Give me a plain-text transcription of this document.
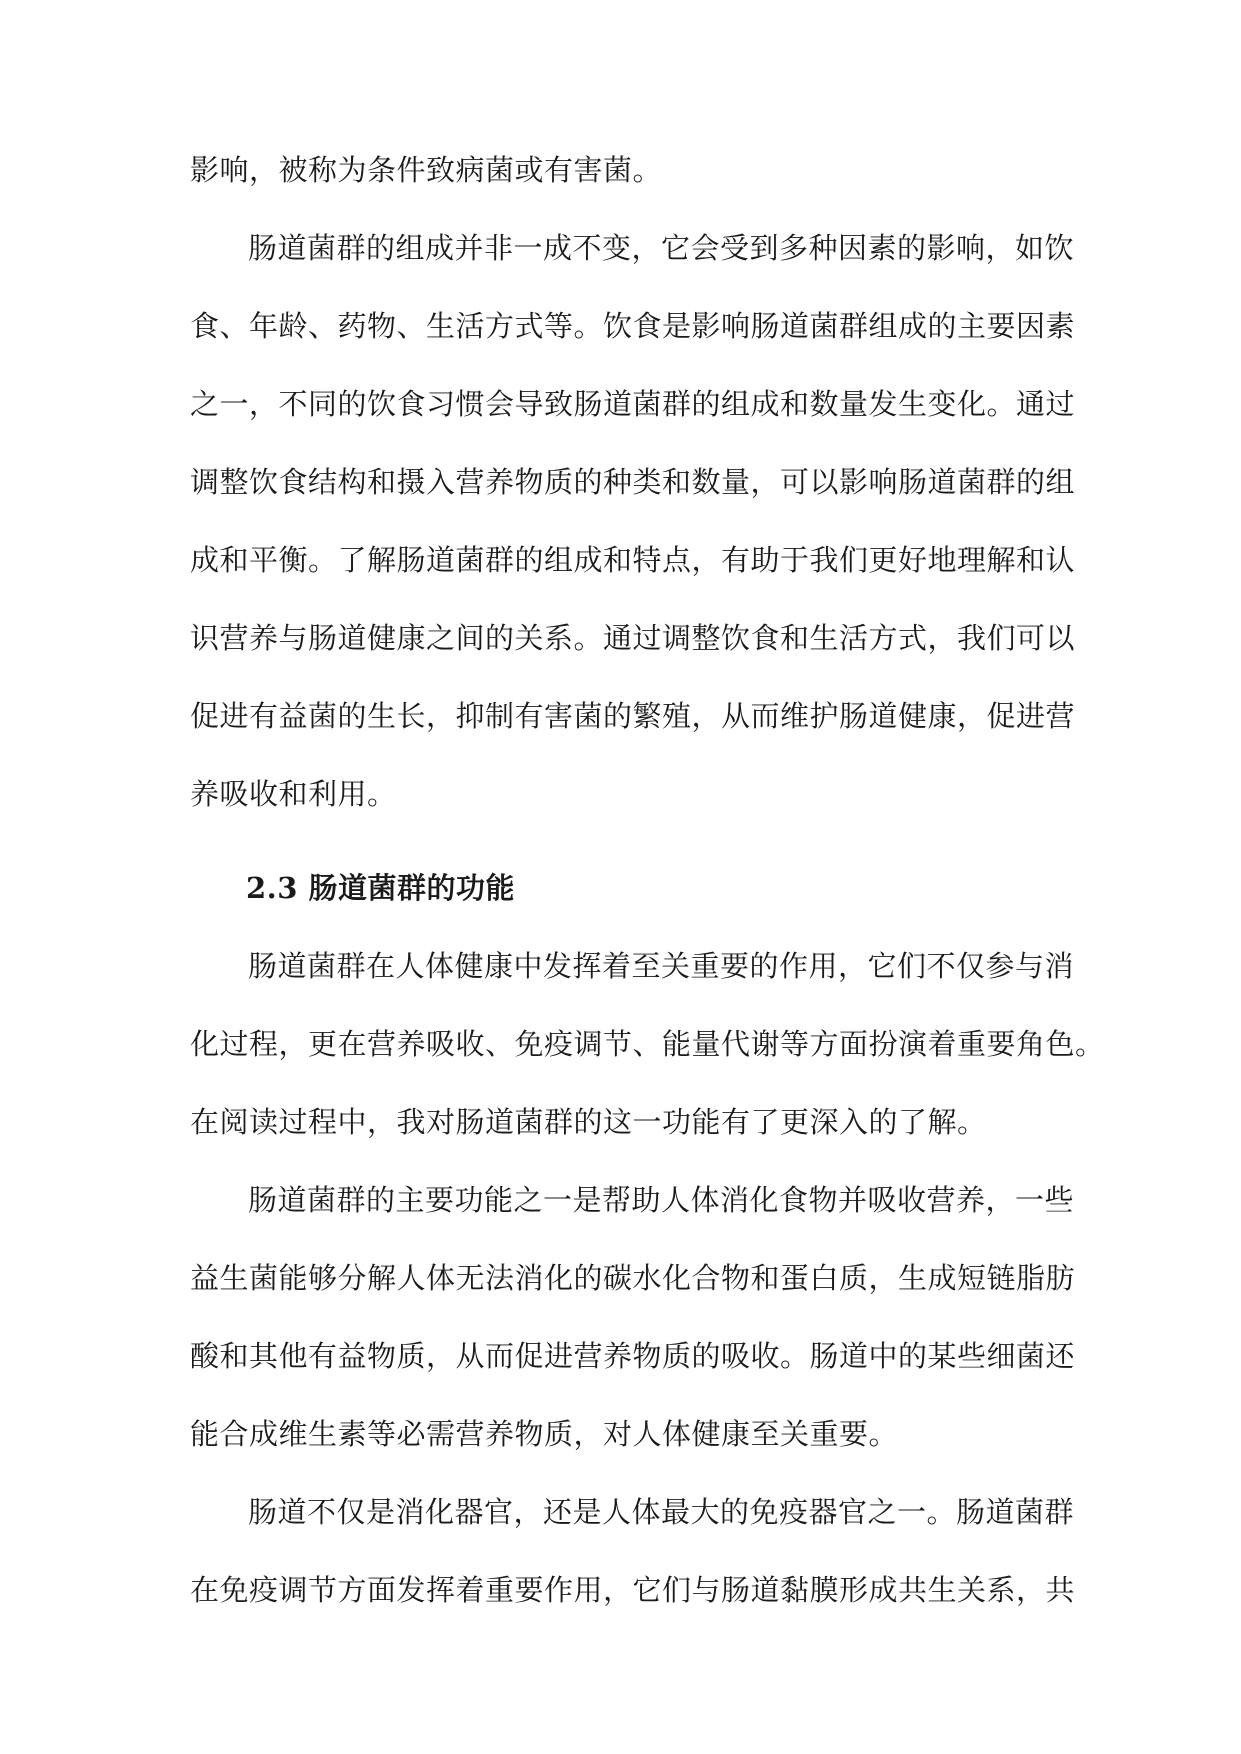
影响，被称为条件致病菌或有害菌。
肠道菌群的组成并非一成不变，它会受到多种因素的影响，如饮
食、年龄、药物、生活方式等。饮食是影响肠道菌群组成的主要因素
之一，不同的饮食习惯会导致肠道菌群的组成和数量发生变化。通过
调整饮食结构和摄入营养物质的种类和数量，可以影响肠道菌群的组
成和平衡。了解肠道菌群的组成和特点，有助于我们更好地理解和认
识营养与肠道健康之间的关系。通过调整饮食和生活方式，我们可以
促进有益菌的生长，抑制有害菌的繁殖，从而维护肠道健康，促进营
养吸收和利用。
2.3 肠道菌群的功能
肠道菌群在人体健康中发挥着至关重要的作用，它们不仅参与消
化过程，更在营养吸收、免疫调节、能量代谢等方面扮演着重要角色。
在阅读过程中，我对肠道菌群的这一功能有了更深入的了解。
肠道菌群的主要功能之一是帮助人体消化食物并吸收营养，一些
益生菌能够分解人体无法消化的碳水化合物和蛋白质，生成短链脂肪
酸和其他有益物质，从而促进营养物质的吸收。肠道中的某些细菌还
能合成维生素等必需营养物质，对人体健康至关重要。
肠道不仅是消化器官，还是人体最大的免疫器官之一。肠道菌群
在免疫调节方面发挥着重要作用，它们与肠道黏膜形成共生关系，共
